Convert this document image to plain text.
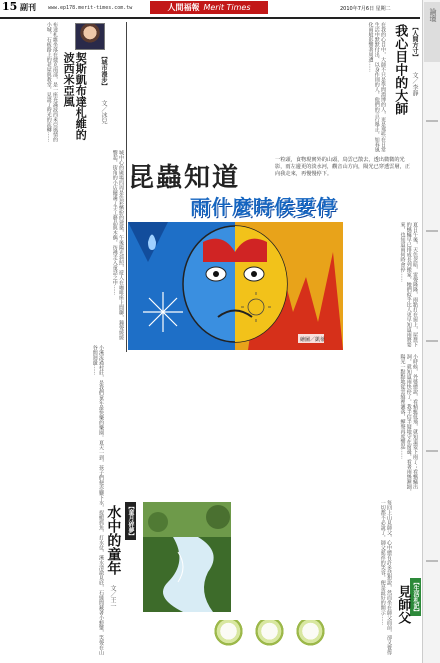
15 副刊 www.ep178.merit-times.com.tw	人間福報 Merit Times	2010年7月6日 星期二	論壇
【城市漫步】
文／冰兒
契斯凱布達札維的波西米亞風

布達札維坐落在捷克南部，是一座充滿波西米亞風情的小城，石板路上的老屋與教堂，見證了時光的流轉……

城中心的廣場四周是色彩繽紛的建築，午後陽光斜照，遊人在咖啡座上閒聊，鐘聲緩緩響起，街角的小店擺滿了手工藝品與木偶，彷彿走入童話之中……

【人間方寸】
文／李靜
我心目中的大師

在我的心目中，大師不只是學問淵博的人，更是那些在日常生活中默默付出、以身作則的人，他們的言行舉止，如春風化雨般影響著周遭……

昆蟲知道
雨什麼時候要停
一粒頭，食物現實外的山頭，鳥雲已散去，透出微微的光影，雨左邊更的淡水河，觀音山方向，陽光已穿透雲層，正向我走來，再慢慢停下。
繪圖／凱蒂	夏日午後，天色忽暗，雷聲隆隆，雨點打在窗上，屋簷下的螞蟻早已排成長列搬家，牠們似乎比人更早知道雨將要來，也知道雨何時會停……

小時候，外婆總說，看蜻蜓低飛，就知道要下雨了；看螞蟻出洞，就知道雨快停了。我半信半疑地守在窗邊，看著雨絲漸細，陽光一點點地從雲縫裡灑落，蟬聲再度響起……

【童月碎夢】
水中的童年
文／王一

小溪流過村莊，是我們童年最快樂的樂園。夏天一到，孩子們便赤腳下水，捉蝦抓魚，打水仗，溪水清澈見底，石縫間藏著小螃蟹，笑聲在山谷間迴盪……

【生活札記】
見師父

每回上山見師父，心中總有許多話想說，然而坐在師父面前，卻又覺得一切都不必說了，師父慈祥的笑容，便是最好的開示……
